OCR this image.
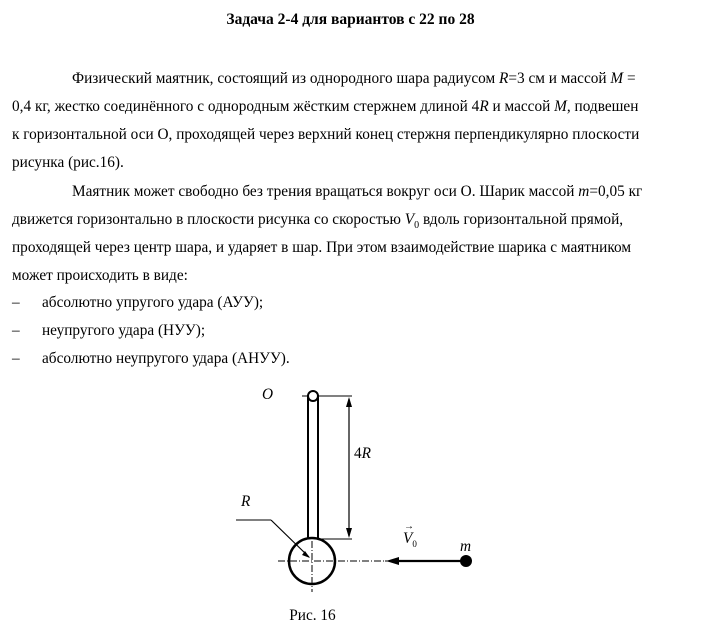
Задача 2-4 для вариантов с 22 по 28
Физический маятник, состоящий из однородного шара радиусом R=3 см и массой M =
0,4 кг, жестко соединённого с однородным жёстким стержнем длиной 4R и массой M, подвешен
к горизонтальной оси О, проходящей через верхний конец стержня перпендикулярно плоскости
рисунка (рис.16).
Маятник может свободно без трения вращаться вокруг оси О. Шарик массой m=0,05 кг
движется горизонтально в плоскости рисунка со скоростью $V_0$ вдоль горизонтальной прямой,
проходящей через центр шара, и ударяет в шар. При этом взаимодействие шарика с маятником
может происходить в виде:
– абсолютно упругого удара (АУУ);
– неупругого удара (НУУ);
– абсолютно неупругого удара (АНУУ).
O
4R
R
→
$V_0$	m
Рис. 16
